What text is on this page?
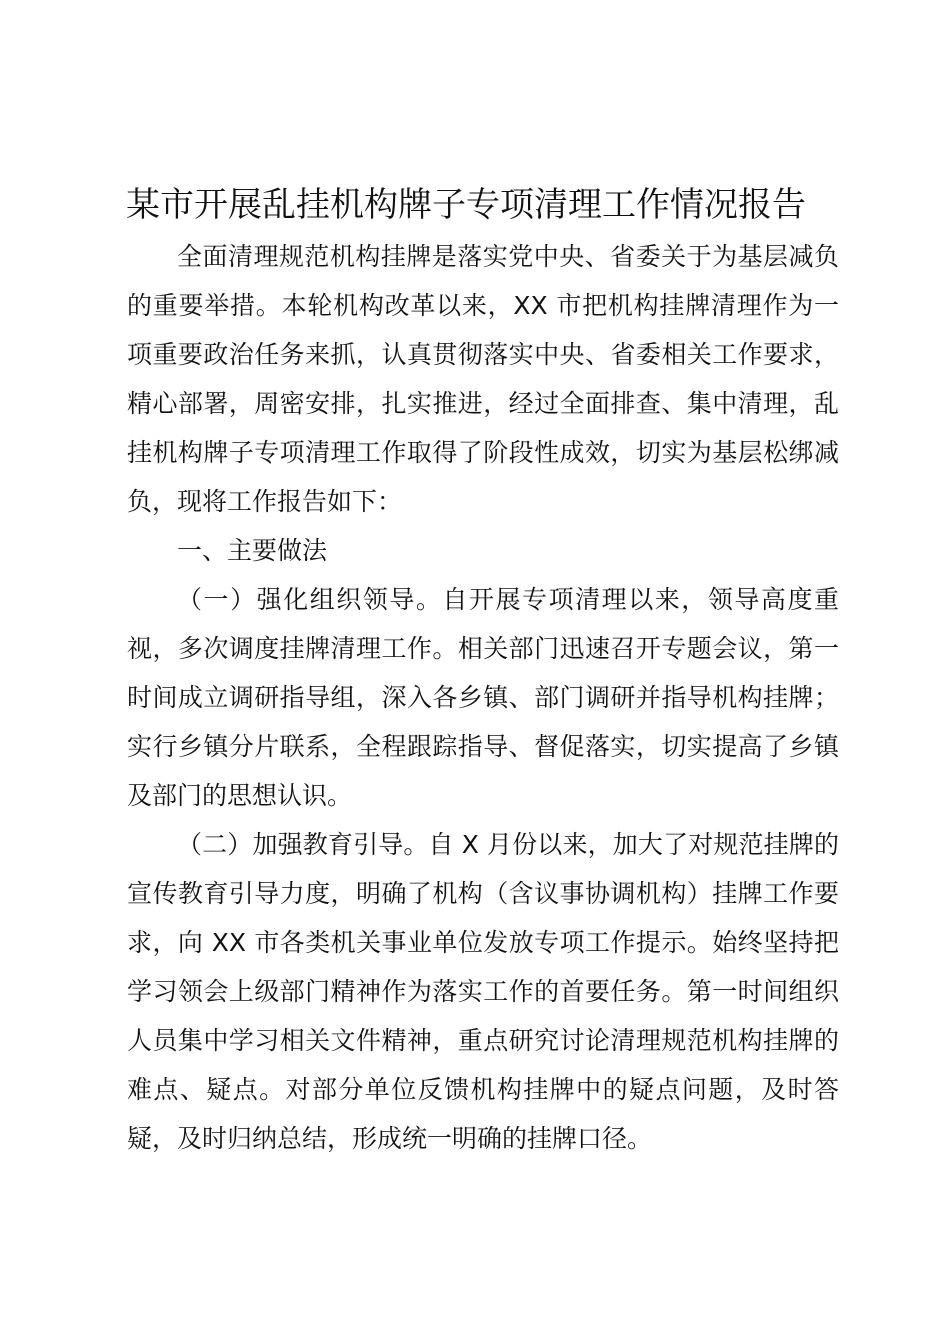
某市开展乱挂机构牌子专项清理工作情况报告

全面清理规范机构挂牌是落实党中央、省委关于为基层减负的重要举措。本轮机构改革以来，XX 市把机构挂牌清理作为一项重要政治任务来抓，认真贯彻落实中央、省委相关工作要求，精心部署，周密安排，扎实推进，经过全面排查、集中清理，乱挂机构牌子专项清理工作取得了阶段性成效，切实为基层松绑减负，现将工作报告如下：

一、主要做法

（一）强化组织领导。自开展专项清理以来，领导高度重视，多次调度挂牌清理工作。相关部门迅速召开专题会议，第一时间成立调研指导组，深入各乡镇、部门调研并指导机构挂牌；实行乡镇分片联系，全程跟踪指导、督促落实，切实提高了乡镇及部门的思想认识。

（二）加强教育引导。自 X 月份以来，加大了对规范挂牌的宣传教育引导力度，明确了机构（含议事协调机构）挂牌工作要求，向 XX 市各类机关事业单位发放专项工作提示。始终坚持把学习领会上级部门精神作为落实工作的首要任务。第一时间组织人员集中学习相关文件精神，重点研究讨论清理规范机构挂牌的难点、疑点。对部分单位反馈机构挂牌中的疑点问题，及时答疑，及时归纳总结，形成统一明确的挂牌口径。
